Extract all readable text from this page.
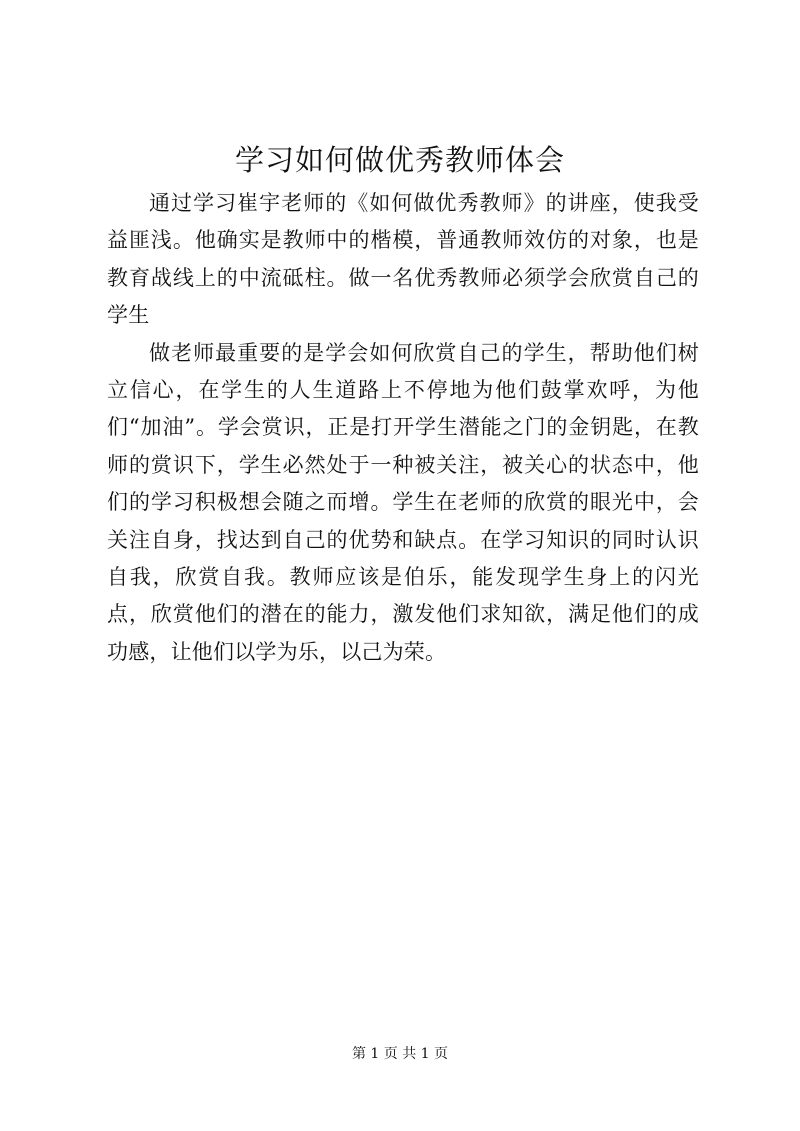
学习如何做优秀教师体会

通过学习崔宇老师的《如何做优秀教师》的讲座，使我受益匪浅。他确实是教师中的楷模，普通教师效仿的对象，也是教育战线上的中流砥柱。做一名优秀教师必须学会欣赏自己的学生

做老师最重要的是学会如何欣赏自己的学生，帮助他们树立信心，在学生的人生道路上不停地为他们鼓掌欢呼，为他们“加油”。学会赏识，正是打开学生潜能之门的金钥匙，在教师的赏识下，学生必然处于一种被关注，被关心的状态中，他们的学习积极想会随之而增。学生在老师的欣赏的眼光中，会关注自身，找达到自己的优势和缺点。在学习知识的同时认识自我，欣赏自我。教师应该是伯乐，能发现学生身上的闪光点，欣赏他们的潜在的能力，激发他们求知欲，满足他们的成功感，让他们以学为乐，以己为荣。

第 1 页 共 1 页
